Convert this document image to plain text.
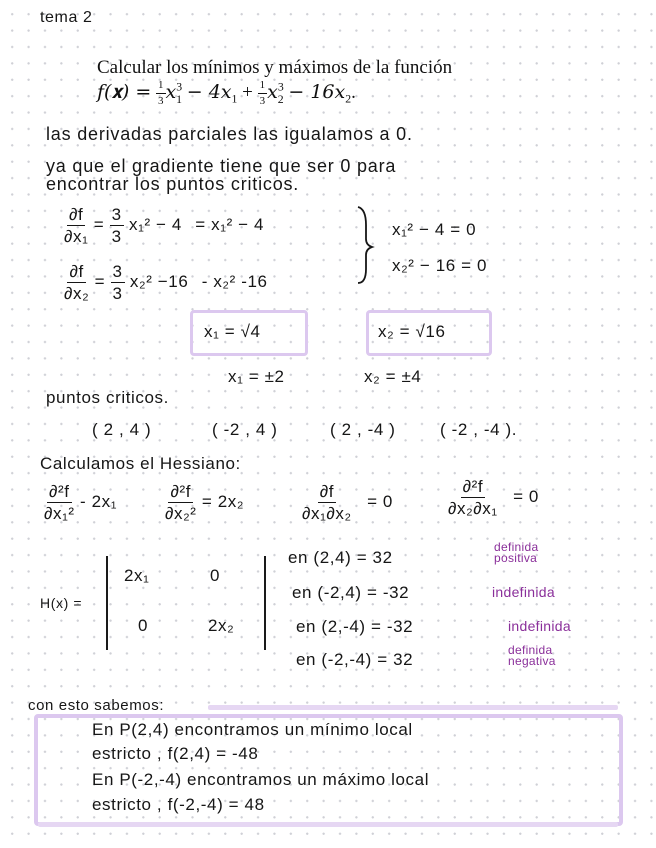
tema 2
Calcular los mínimos y máximos de la función
f(𝐱) = $\frac{1}{3} x^3_1 - 4x_1 + \frac{1}{3} x^3_2 - 16x_2$.
las derivadas parciales las igualamos a 0.
ya que el gradiente tiene que ser 0 para
encontrar los puntos criticos.
$\frac{\partial f}{\text{∂x₁}} = \frac{3}{3} x_1^2 - 4 = x_1^2 - 4$
$\frac{\partial f}{\text{∂x₂}} = \frac{3}{3} x_2^2 -16 - x_2^2$ -16
x₁² − 4 = 0
x₂² − 16 = 0
x₁ = √4	x₂ = √16
x₁ = ±2	x₂ = ±4
puntos criticos.
( 2 , 4 )	( -2 , 4 )	( 2 , -4 )	( -2 , -4 ).
Calculamos el Hessiano:
$\frac{\text{∂²f}}{\text{∂x₁²}} - 2x_1$	$\frac{\text{∂²f}}{\text{∂x₂²}} = 2x_2$	$\frac{\partial f}{\text{∂x₁∂x₂}} = 0$	$\frac{\text{∂²f}}{\text{∂x₂∂x₁}} = 0$
H(x) =
2x₁	0
0	2x₂
en (2,4) = 32
definida
positiva
en (-2,4) = -32	indefinida
en (2,-4) = -32	indefinida
en (-2,-4) = 32	definida
negativa
con esto sabemos:
En P(2,4) encontramos un mínimo local
estricto , f(2,4) = -48
En P(-2,-4) encontramos un máximo local
estricto , f(-2,-4) = 48
